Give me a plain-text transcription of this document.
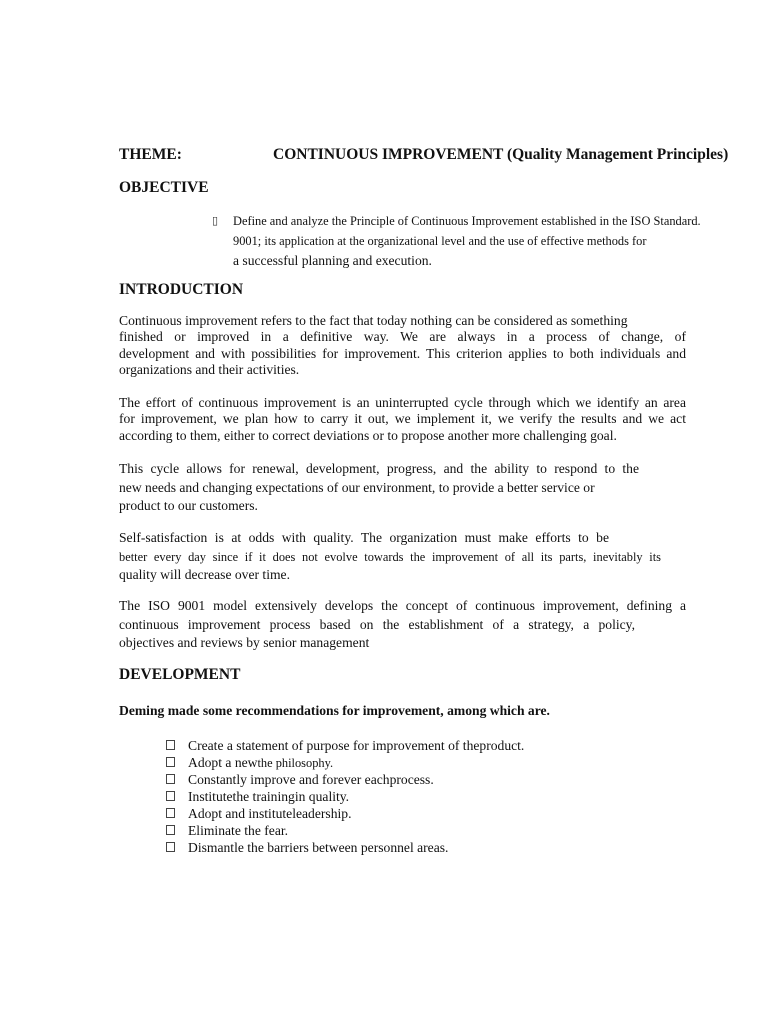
THEME:	CONTINUOUS IMPROVEMENT (Quality Management Principles)
OBJECTIVE
▯	Define and analyze the Principle of Continuous Improvement established in the ISO Standard.
9001; its application at the organizational level and the use of effective methods for
a successful planning and execution.
INTRODUCTION
Continuous improvement refers to the fact that today nothing can be considered as something
finished or improved in a definitive way. We are always in a process of change, of
development and with possibilities for improvement. This criterion applies to both individuals and
organizations and their activities.
The effort of continuous improvement is an uninterrupted cycle through which we identify an area
for improvement, we plan how to carry it out, we implement it, we verify the results and we act
according to them, either to correct deviations or to propose another more challenging goal.
This cycle allows for renewal, development, progress, and the ability to respond to the
new needs and changing expectations of our environment, to provide a better service or
product to our customers.
Self-satisfaction is at odds with quality. The organization must make efforts to be
better every day since if it does not evolve towards the improvement of all its parts, inevitably its
quality will decrease over time.
The ISO 9001 model extensively develops the concept of continuous improvement, defining a
continuous improvement process based on the establishment of a strategy, a policy,
objectives and reviews by senior management
DEVELOPMENT
Deming made some recommendations for improvement, among which are.
Create a statement of purpose for improvement of theproduct.
Adopt a newthe philosophy.
Constantly improve and forever eachprocess.
Institutethe trainingin quality.
Adopt and instituteleadership.
Eliminate the fear.
Dismantle the barriers between personnel areas.
